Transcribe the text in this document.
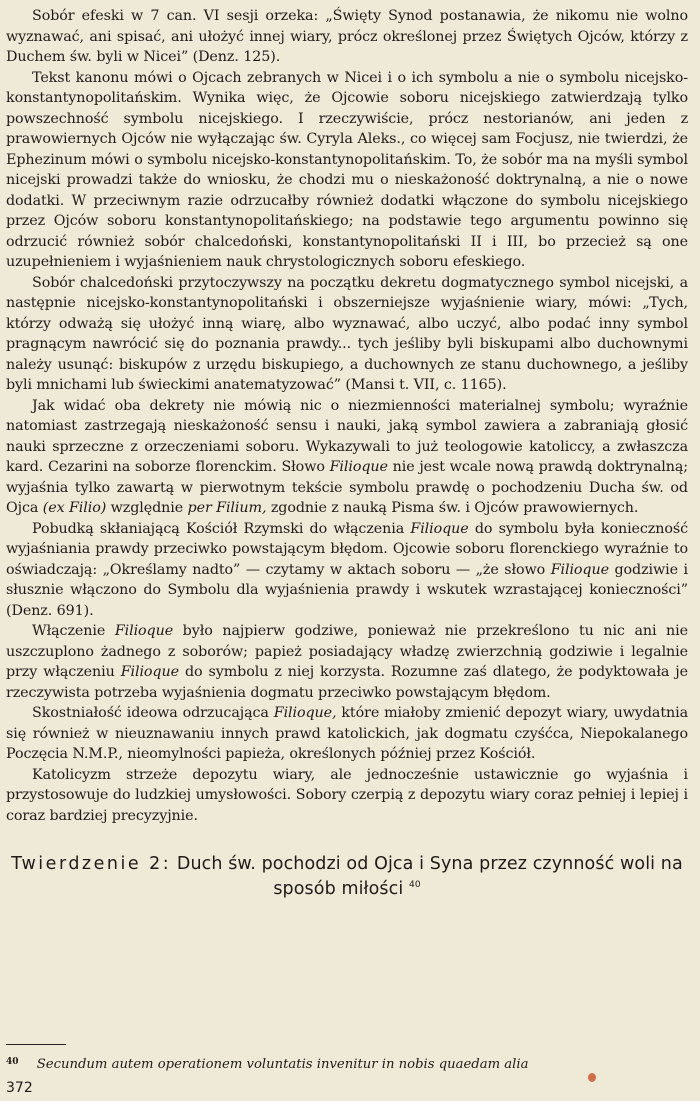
Sobór efeski w 7 can. VI sesji orzeka: „Święty Synod postanawia, że nikomu nie wolno wyznawać, ani spisać, ani ułożyć innej wiary, prócz określonej przez Świętych Ojców, którzy z Duchem św. byli w Nicei” (Denz. 125).

Tekst kanonu mówi o Ojcach zebranych w Nicei i o ich symbolu a nie o symbolu nicejsko-konstantynopolitańskim. Wynika więc, że Ojcowie soboru nicejskiego zatwierdzają tylko powszechność symbolu nicejskiego. I rzeczywiście, prócz nestorianów, ani jeden z prawowiernych Ojców nie wyłączając św. Cyryla Aleks., co więcej sam Focjusz, nie twierdzi, że Ephezinum mówi o symbolu nicejsko-konstantynopolitańskim. To, że sobór ma na myśli symbol nicejski prowadzi także do wniosku, że chodzi mu o nieskażoność doktrynalną, a nie o nowe dodatki. W przeciwnym razie odrzucałby również dodatki włączone do symbolu nicejskiego przez Ojców soboru konstantynopolitańskiego; na podstawie tego argumentu powinno się odrzucić również sobór chalcedoński, konstantynopolitański II i III, bo przecież są one uzupełnieniem i wyjaśnieniem nauk chrystologicznych soboru efeskiego.

Sobór chalcedoński przytoczywszy na początku dekretu dogmatycznego symbol nicejski, a następnie nicejsko-konstantynopolitański i obszerniejsze wyjaśnienie wiary, mówi: „Tych, którzy odważą się ułożyć inną wiarę, albo wyznawać, albo uczyć, albo podać inny symbol pragnącym nawrócić się do poznania prawdy... tych jeśliby byli biskupami albo duchownymi należy usunąć: biskupów z urzędu biskupiego, a duchownych ze stanu duchownego, a jeśliby byli mnichami lub świeckimi anatematyzować” (Mansi t. VII, c. 1165).

Jak widać oba dekrety nie mówią nic o niezmienności materialnej symbolu; wyraźnie natomiast zastrzegają nieskażoność sensu i nauki, jaką symbol zawiera a zabraniają głosić nauki sprzeczne z orzeczeniami soboru. Wykazywali to już teologowie katoliccy, a zwłaszcza kard. Cezarini na soborze florenckim. Słowo Filioque nie jest wcale nową prawdą doktrynalną; wyjaśnia tylko zawartą w pierwotnym tekście symbolu prawdę o pochodzeniu Ducha św. od Ojca (ex Filio) względnie per Filium, zgodnie z nauką Pisma św. i Ojców prawowiernych.

Pobudką skłaniającą Kościół Rzymski do włączenia Filioque do symbolu była konieczność wyjaśniania prawdy przeciwko powstającym błędom. Ojcowie soboru florenckiego wyraźnie to oświadczają: „Określamy nadto” — czytamy w aktach soboru — „że słowo Filioque godziwie i słusznie włączono do Symbolu dla wyjaśnienia prawdy i wskutek wzrastającej konieczności” (Denz. 691).

Włączenie Filioque było najpierw godziwe, ponieważ nie przekreślono tu nic ani nie uszczuplono żadnego z soborów; papież posiadający władzę zwierzchnią godziwie i legalnie przy włączeniu Filioque do symbolu z niej korzysta. Rozumne zaś dlatego, że podyktowała je rzeczywista potrzeba wyjaśnienia dogmatu przeciwko powstającym błędom.

Skostniałość ideowa odrzucająca Filioque, które miałoby zmienić depozyt wiary, uwydatnia się również w nieuznawaniu innych prawd katolickich, jak dogmatu czyśćca, Niepokalanego Poczęcia N.M.P., nieomylności papieża, określonych później przez Kościół.

Katolicyzm strzeże depozytu wiary, ale jednocześnie ustawicznie go wyjaśnia i przystosowuje do ludzkiej umysłowości. Sobory czerpią z depozytu wiary coraz pełniej i lepiej i coraz bardziej precyzyjnie.

Twierdzenie 2: Duch św. pochodzi od Ojca i Syna przez czynność woli na sposób miłości $^{40}$
$^{40}$ Secundum autem operationem voluntatis invenitur in nobis quaedam alia
372
